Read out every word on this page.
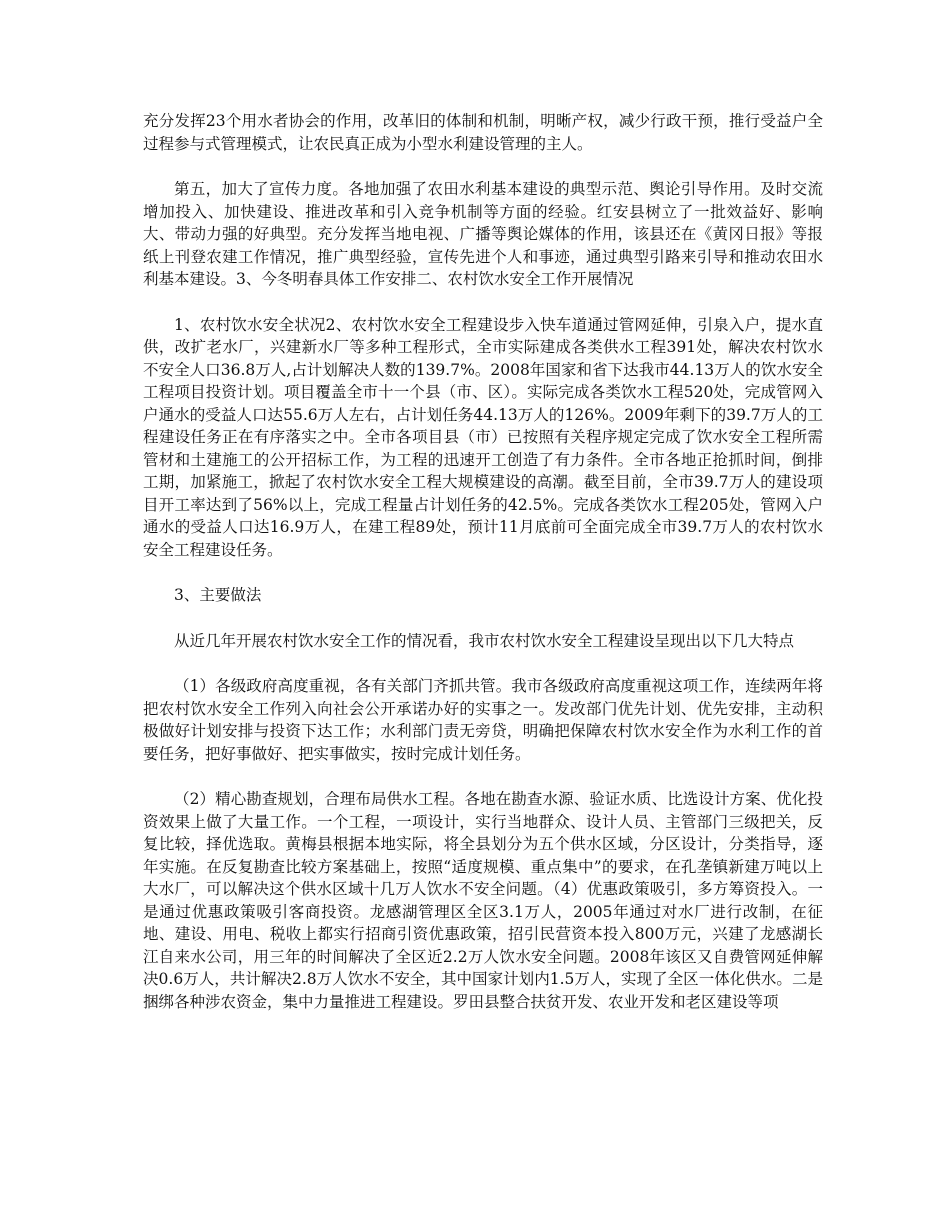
充分发挥23个用水者协会的作用，改革旧的体制和机制，明晰产权，减少行政干预，推行受益户全过程参与式管理模式，让农民真正成为小型水利建设管理的主人。

第五，加大了宣传力度。各地加强了农田水利基本建设的典型示范、舆论引导作用。及时交流增加投入、加快建设、推进改革和引入竞争机制等方面的经验。红安县树立了一批效益好、影响大、带动力强的好典型。充分发挥当地电视、广播等舆论媒体的作用，该县还在《黄冈日报》等报纸上刊登农建工作情况，推广典型经验，宣传先进个人和事迹，通过典型引路来引导和推动农田水利基本建设。3、今冬明春具体工作安排二、农村饮水安全工作开展情况

1、农村饮水安全状况2、农村饮水安全工程建设步入快车道通过管网延伸，引泉入户，提水直供，改扩老水厂，兴建新水厂等多种工程形式，全市实际建成各类供水工程391处，解决农村饮水不安全人口36.8万人,占计划解决人数的139.7%。2008年国家和省下达我市44.13万人的饮水安全工程项目投资计划。项目覆盖全市十一个县（市、区）。实际完成各类饮水工程520处，完成管网入户通水的受益人口达55.6万人左右，占计划任务44.13万人的126%。2009年剩下的39.7万人的工程建设任务正在有序落实之中。全市各项目县（市）已按照有关程序规定完成了饮水安全工程所需管材和土建施工的公开招标工作，为工程的迅速开工创造了有力条件。全市各地正抢抓时间，倒排工期，加紧施工，掀起了农村饮水安全工程大规模建设的高潮。截至目前，全市39.7万人的建设项目开工率达到了56%以上，完成工程量占计划任务的42.5%。完成各类饮水工程205处，管网入户通水的受益人口达16.9万人，在建工程89处，预计11月底前可全面完成全市39.7万人的农村饮水安全工程建设任务。

3、主要做法

从近几年开展农村饮水安全工作的情况看，我市农村饮水安全工程建设呈现出以下几大特点

（1）各级政府高度重视，各有关部门齐抓共管。我市各级政府高度重视这项工作，连续两年将把农村饮水安全工作列入向社会公开承诺办好的实事之一。发改部门优先计划、优先安排，主动积极做好计划安排与投资下达工作；水利部门责无旁贷，明确把保障农村饮水安全作为水利工作的首要任务，把好事做好、把实事做实，按时完成计划任务。

（2）精心勘查规划，合理布局供水工程。各地在勘查水源、验证水质、比选设计方案、优化投资效果上做了大量工作。一个工程，一项设计，实行当地群众、设计人员、主管部门三级把关，反复比较，择优选取。黄梅县根据本地实际，将全县划分为五个供水区域，分区设计，分类指导，逐年实施。在反复勘查比较方案基础上，按照“适度规模、重点集中”的要求，在孔垄镇新建万吨以上大水厂，可以解决这个供水区域十几万人饮水不安全问题。（4）优惠政策吸引，多方筹资投入。一是通过优惠政策吸引客商投资。龙感湖管理区全区3.1万人，2005年通过对水厂进行改制，在征地、建设、用电、税收上都实行招商引资优惠政策，招引民营资本投入800万元，兴建了龙感湖长江自来水公司，用三年的时间解决了全区近2.2万人饮水安全问题。2008年该区又自费管网延伸解决0.6万人，共计解决2.8万人饮水不安全，其中国家计划内1.5万人，实现了全区一体化供水。二是捆绑各种涉农资金，集中力量推进工程建设。罗田县整合扶贫开发、农业开发和老区建设等项
